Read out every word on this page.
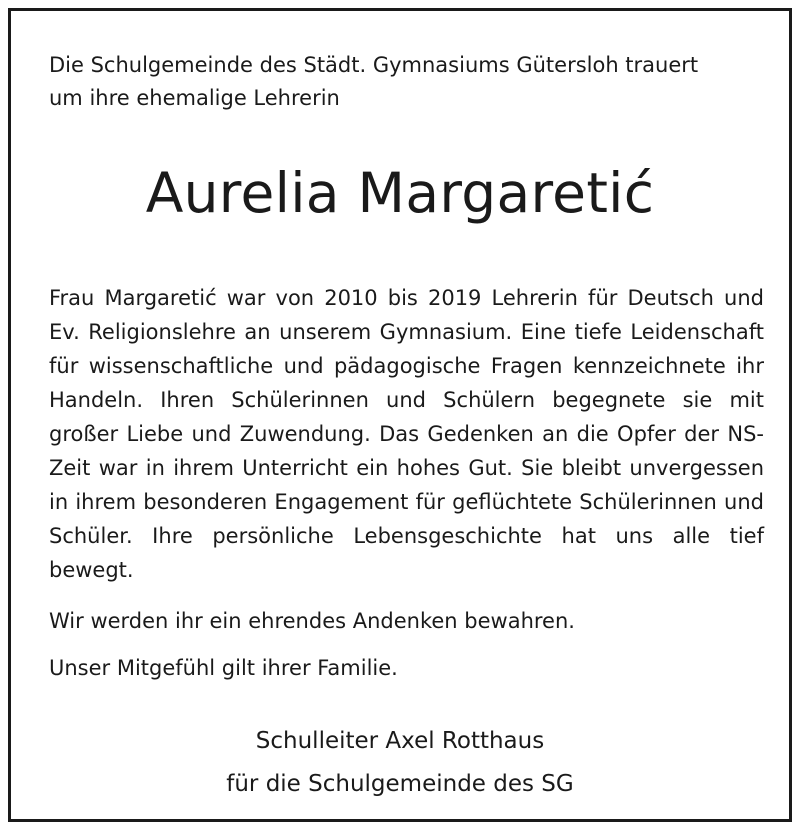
Die Schulgemeinde des Städt. Gymnasiums Gütersloh trauert
um ihre ehemalige Lehrerin
Aurelia Margaretić
Frau Margaretić war von 2010 bis 2019 Lehrerin für Deutsch und Ev. Religionslehre an unserem Gymnasium. Eine tiefe Leidenschaft für wissenschaftliche und pädagogische Fragen kennzeichnete ihr Handeln. Ihren Schülerinnen und Schülern begegnete sie mit großer Liebe und Zuwendung. Das Gedenken an die Opfer der NS-Zeit war in ihrem Unterricht ein hohes Gut. Sie bleibt unvergessen in ihrem besonderen Engagement für geflüchtete Schülerinnen und Schüler. Ihre persönliche Lebensgeschichte hat uns alle tief bewegt.
Wir werden ihr ein ehrendes Andenken bewahren.
Unser Mitgefühl gilt ihrer Familie.
Schulleiter Axel Rotthaus
für die Schulgemeinde des SG
